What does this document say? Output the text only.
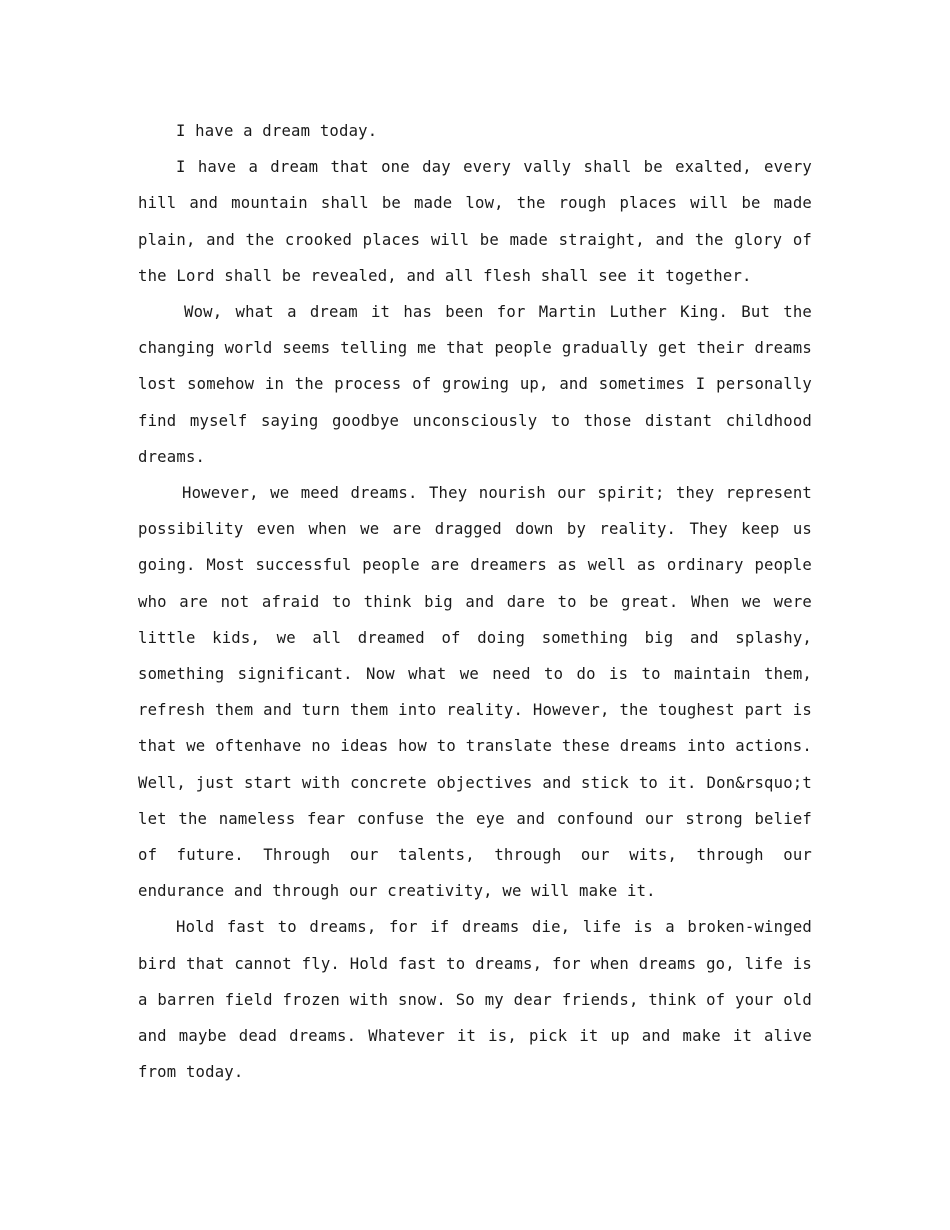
I have a dream today.

I have a dream that one day every vally shall be exalted, every hill and mountain shall be made low, the rough places will be made plain, and the crooked places will be made straight, and the glory of the Lord shall be revealed, and all flesh shall see it together.

Wow, what a dream it has been for Martin Luther King. But the changing world seems telling me that people gradually get their dreams lost somehow in the process of growing up, and sometimes I personally find myself saying goodbye unconsciously to those distant childhood dreams.

However, we meed dreams. They nourish our spirit; they represent possibility even when we are dragged down by reality. They keep us going. Most successful people are dreamers as well as ordinary people who are not afraid to think big and dare to be great. When we were little kids, we all dreamed of doing something big and splashy, something significant. Now what we need to do is to maintain them, refresh them and turn them into reality. However, the toughest part is that we oftenhave no ideas how to translate these dreams into actions. Well, just start with concrete objectives and stick to it. Don&rsquo;t let the nameless fear confuse the eye and confound our strong belief of future. Through our talents, through our wits, through our endurance and through our creativity, we will make it.

Hold fast to dreams, for if dreams die, life is a broken-winged bird that cannot fly. Hold fast to dreams, for when dreams go, life is a barren field frozen with snow. So my dear friends, think of your old and maybe dead dreams. Whatever it is, pick it up and make it alive from today.
